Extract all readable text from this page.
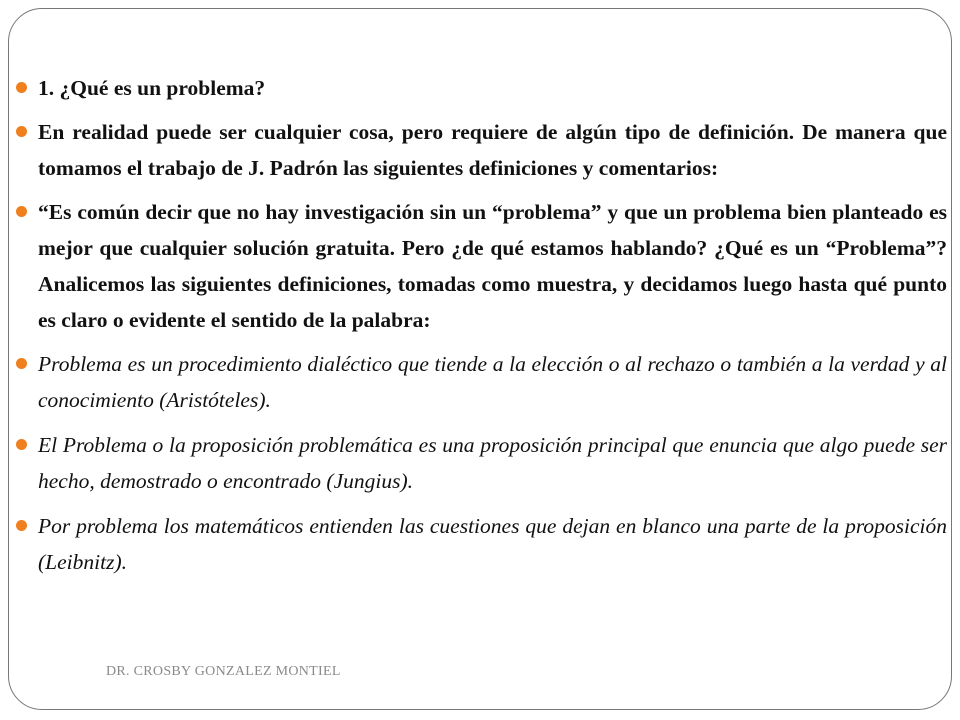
1. ¿Qué es un problema?
En realidad puede ser cualquier cosa, pero requiere de algún tipo de definición. De manera que tomamos el trabajo de J. Padrón las siguientes definiciones y comentarios:
“Es común decir que no hay investigación sin un “problema” y que un problema bien planteado es mejor que cualquier solución gratuita. Pero ¿de qué estamos hablando? ¿Qué es un “Problema”? Analicemos las siguientes definiciones, tomadas como muestra, y decidamos luego hasta qué punto es claro o evidente el sentido de la palabra:
Problema es un procedimiento dialéctico que tiende a la elección o al rechazo o también a la verdad y al conocimiento (Aristóteles).
El Problema o la proposición problemática es una proposición principal que enuncia que algo puede ser hecho, demostrado o encontrado (Jungius).
Por problema los matemáticos entienden las cuestiones que dejan en blanco una parte de la proposición (Leibnitz).
DR. CROSBY GONZALEZ MONTIEL
